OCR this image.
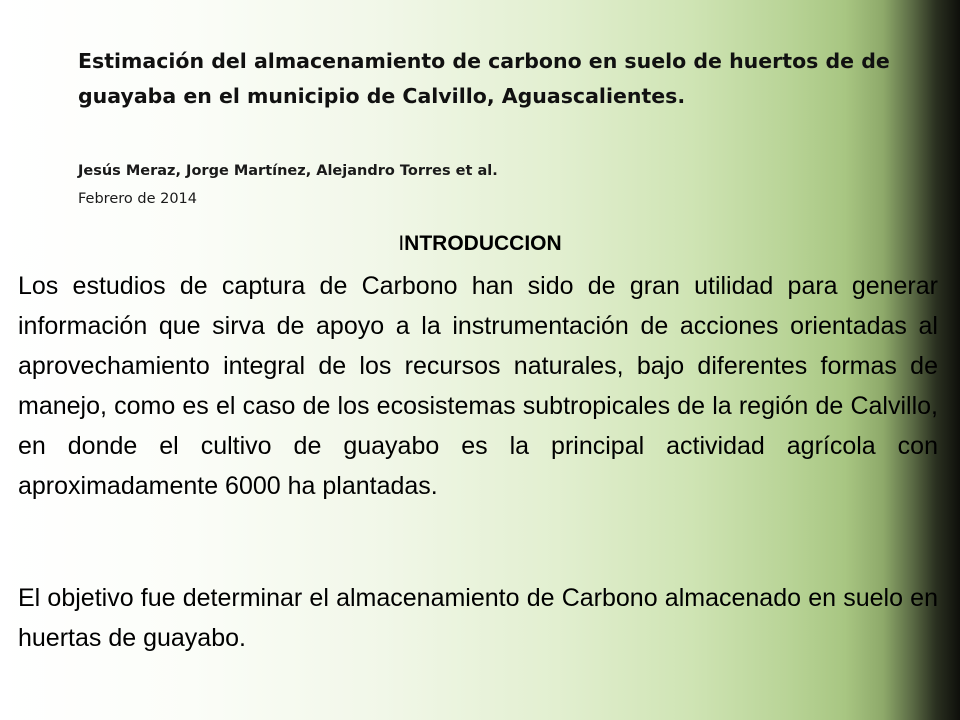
Estimación del almacenamiento de carbono en suelo de huertos de de guayaba en el municipio de Calvillo, Aguascalientes.

Jesús Meraz, Jorge Martínez, Alejandro Torres et al.

Febrero de 2014

INTRODUCCION

Los estudios de captura de Carbono han sido de gran utilidad para generar información que sirva de apoyo a la instrumentación de acciones orientadas al aprovechamiento integral de los recursos naturales, bajo diferentes formas de manejo, como es el caso de los ecosistemas subtropicales de la región de Calvillo, en donde el cultivo de guayabo es la principal actividad agrícola con aproximadamente 6000 ha plantadas.

El objetivo fue determinar el almacenamiento de Carbono almacenado en suelo en huertas de guayabo.
